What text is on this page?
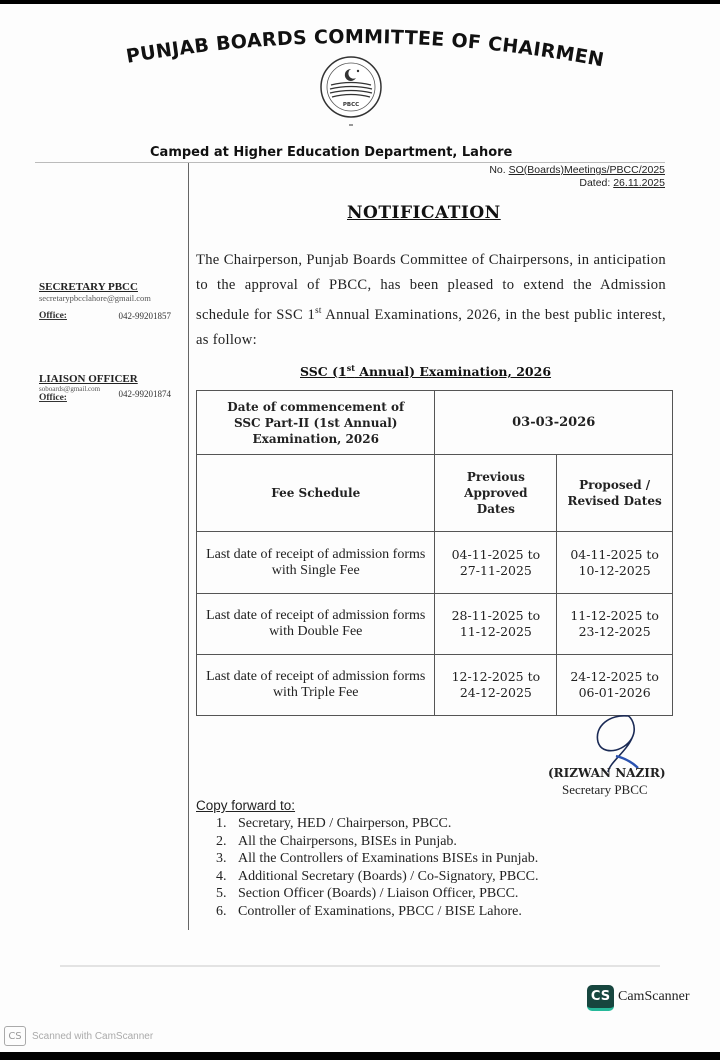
PUNJAB BOARDS COMMITTEE OF CHAIRMEN
PBCC
Camped at Higher Education Department, Lahore
No. SO(Boards)Meetings/PBCC/2025
Dated: 26.11.2025
NOTIFICATION
SECRETARY PBCC
secretarypbcclahore@gmail.com
Office:	042-99201857
LIAISON OFFICER
soboards@gmail.com
Office:	042-99201874
The Chairperson, Punjab Boards Committee of Chairpersons, in anticipation to the approval of PBCC, has been pleased to extend the Admission schedule for SSC 1st Annual Examinations, 2026, in the best public interest, as follow:
SSC (1st Annual) Examination, 2026
Date of commencement of SSC Part-II (1st Annual) Examination, 2026	03-03-2026	
Fee Schedule	Previous Approved Dates	Proposed / Revised Dates
Last date of receipt of admission forms with Single Fee	04-11-2025 to 27-11-2025	04-11-2025 to 10-12-2025
Last date of receipt of admission forms with Double Fee	28-11-2025 to 11-12-2025	11-12-2025 to 23-12-2025
Last date of receipt of admission forms with Triple Fee	12-12-2025 to 24-12-2025	24-12-2025 to 06-01-2026
(RIZWAN NAZIR)
Secretary PBCC
Copy forward to:
1. Secretary, HED / Chairperson, PBCC.
2. All the Chairpersons, BISEs in Punjab.
3. All the Controllers of Examinations BISEs in Punjab.
4. Additional Secretary (Boards) / Co-Signatory, PBCC.
5. Section Officer (Boards) / Liaison Officer, PBCC.
6. Controller of Examinations, PBCC / BISE Lahore.
CS CamScanner
CS	Scanned with CamScanner
